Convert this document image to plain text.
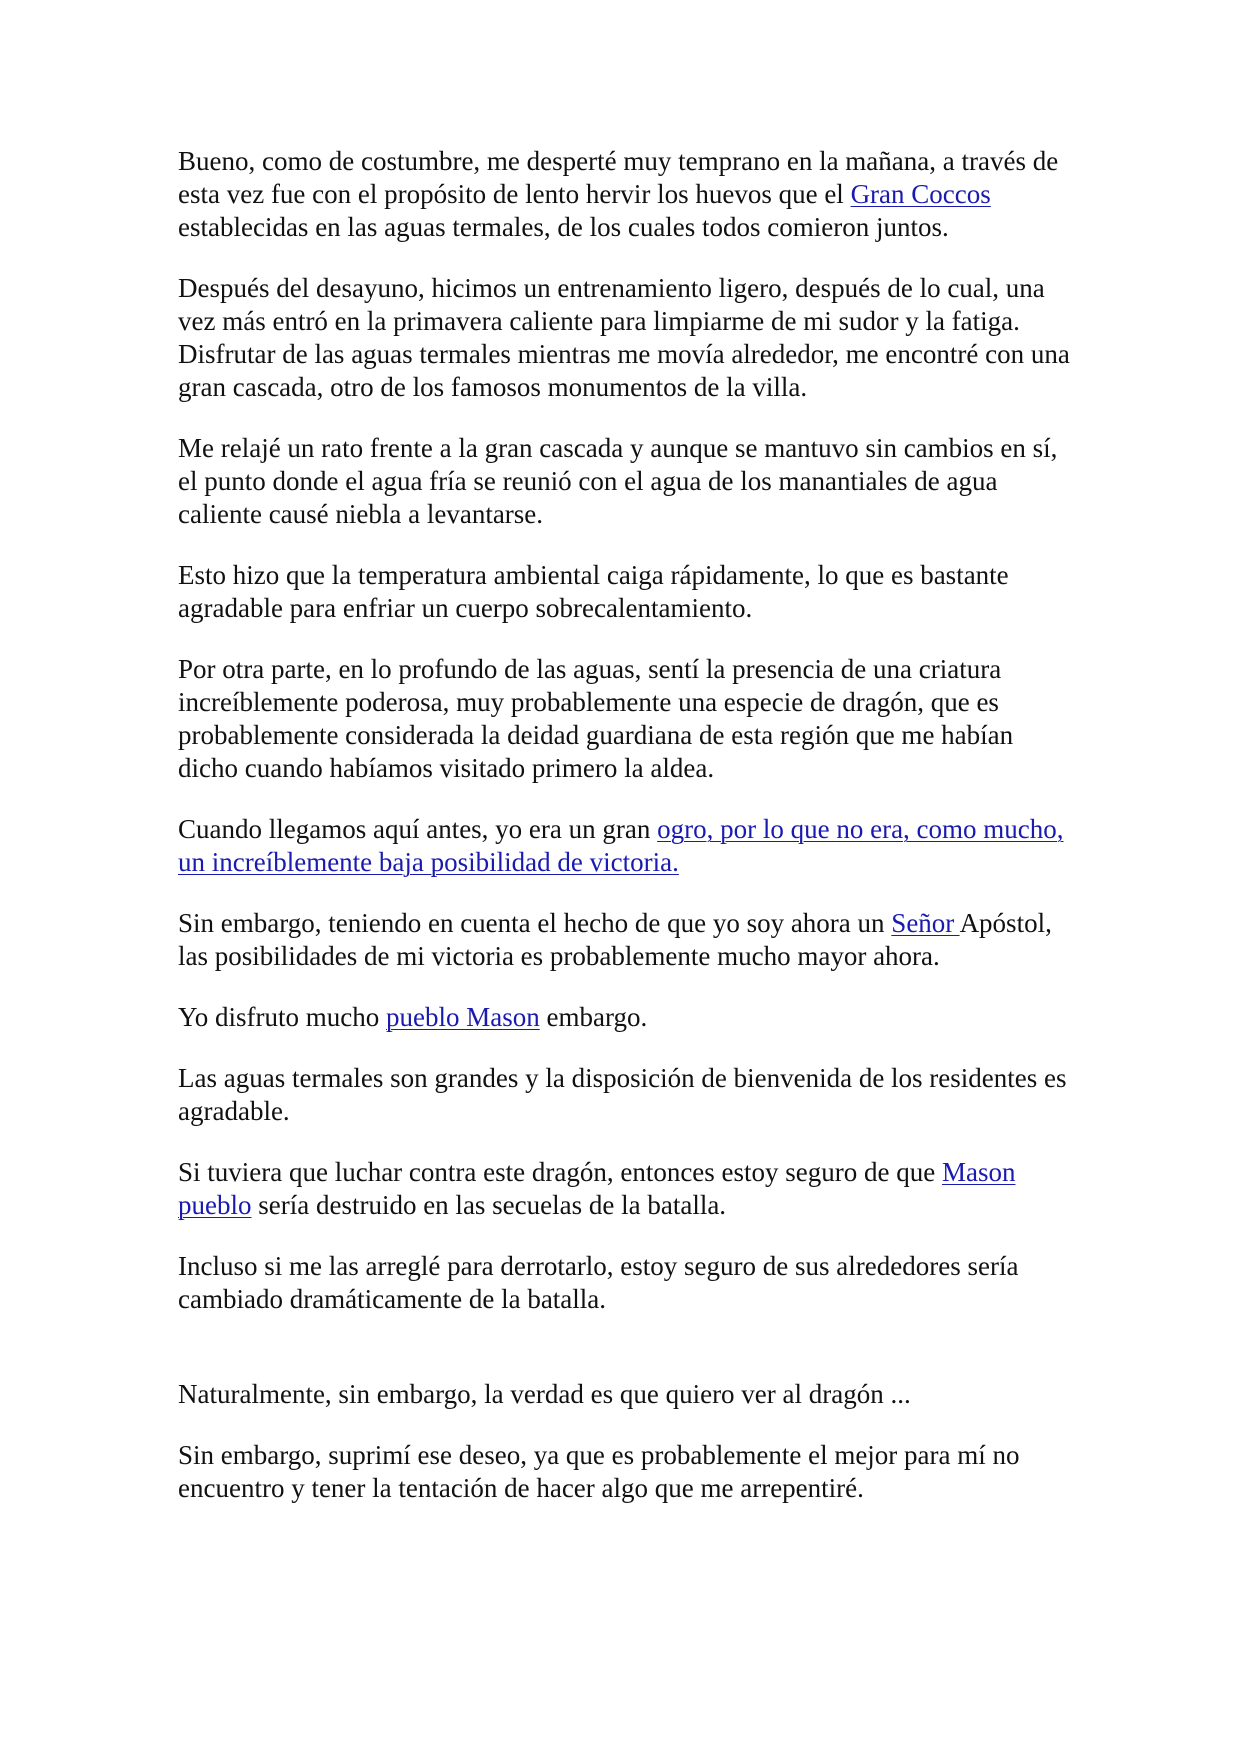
Bueno, como de costumbre, me desperté muy temprano en la mañana, a través de esta vez fue con el propósito de lento hervir los huevos que el Gran Coccos establecidas en las aguas termales, de los cuales todos comieron juntos.

Después del desayuno, hicimos un entrenamiento ligero, después de lo cual, una vez más entró en la primavera caliente para limpiarme de mi sudor y la fatiga. Disfrutar de las aguas termales mientras me movía alrededor, me encontré con una gran cascada, otro de los famosos monumentos de la villa.

Me relajé un rato frente a la gran cascada y aunque se mantuvo sin cambios en sí, el punto donde el agua fría se reunió con el agua de los manantiales de agua caliente causé niebla a levantarse.

Esto hizo que la temperatura ambiental caiga rápidamente, lo que es bastante agradable para enfriar un cuerpo sobrecalentamiento.

Por otra parte, en lo profundo de las aguas, sentí la presencia de una criatura increíblemente poderosa, muy probablemente una especie de dragón, que es probablemente considerada la deidad guardiana de esta región que me habían dicho cuando habíamos visitado primero la aldea.

Cuando llegamos aquí antes, yo era un gran ogro, por lo que no era, como mucho, un increíblemente baja posibilidad de victoria.

Sin embargo, teniendo en cuenta el hecho de que yo soy ahora un Señor Apóstol, las posibilidades de mi victoria es probablemente mucho mayor ahora.

Yo disfruto mucho pueblo Mason embargo.

Las aguas termales son grandes y la disposición de bienvenida de los residentes es agradable.

Si tuviera que luchar contra este dragón, entonces estoy seguro de que Mason pueblo sería destruido en las secuelas de la batalla.

Incluso si me las arreglé para derrotarlo, estoy seguro de sus alrededores sería cambiado dramáticamente de la batalla.

Naturalmente, sin embargo, la verdad es que quiero ver al dragón ...

Sin embargo, suprimí ese deseo, ya que es probablemente el mejor para mí no encuentro y tener la tentación de hacer algo que me arrepentiré.
